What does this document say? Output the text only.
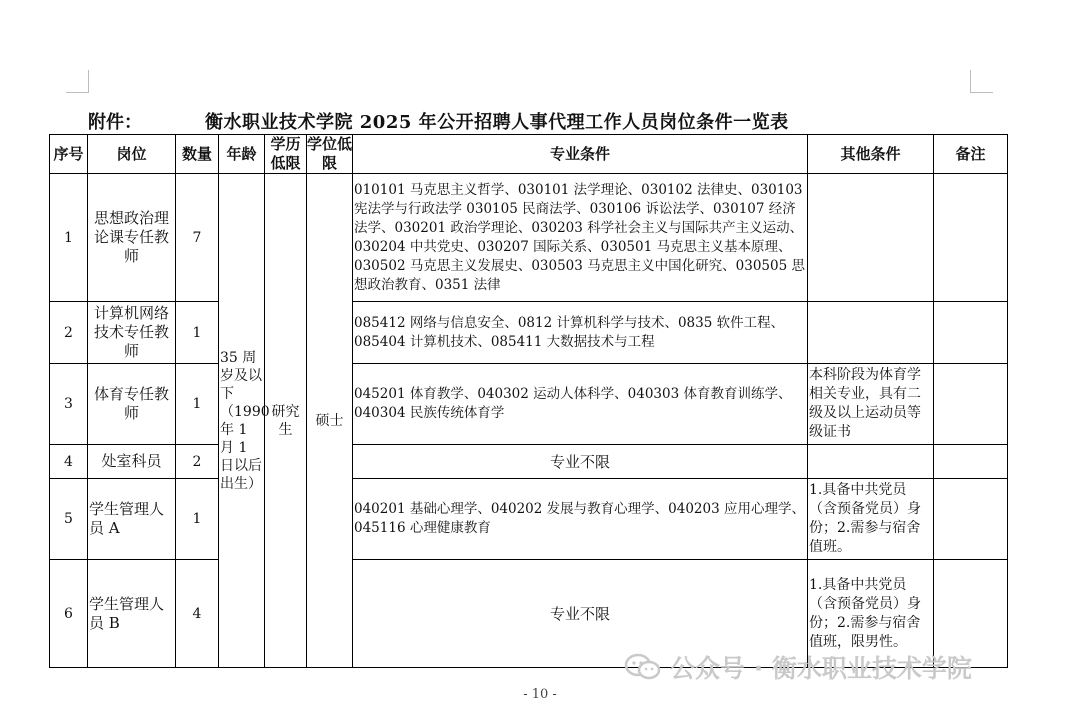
附件：	衡水职业技术学院 2025 年公开招聘人事代理工作人员岗位条件一览表
序号	岗位	数量	年龄	学历低限	学位低限	专业条件	其他条件	备注
1	思想政治理论课专任教师	7	35 周岁及以下（1990 年 1 月 1 日以后出生）	研究生	硕士	010101 马克思主义哲学、030101 法学理论、030102 法律史、030103 宪法学与行政法学 030105 民商法学、030106 诉讼法学、030107 经济法学、030201 政治学理论、030203 科学社会主义与国际共产主义运动、030204 中共党史、030207 国际关系、030501 马克思主义基本原理、030502 马克思主义发展史、030503 马克思主义中国化研究、030505 思想政治教育、0351 法律		
2	计算机网络技术专任教师	1				085412 网络与信息安全、0812 计算机科学与技术、0835 软件工程、085404 计算机技术、085411 大数据技术与工程		
3	体育专任教师	1				045201 体育教学、040302 运动人体科学、040303 体育教育训练学、040304 民族传统体育学	本科阶段为体育学相关专业，具有二级及以上运动员等级证书	
4	处室科员	2				专业不限		
5	学生管理人员 A	1				040201 基础心理学、040202 发展与教育心理学、040203 应用心理学、045116 心理健康教育	1.具备中共党员（含预备党员）身份；2.需参与宿舍值班。	
6	学生管理人员 B	4				专业不限	1.具备中共党员（含预备党员）身份；2.需参与宿舍值班，限男性。	
公众号 · 衡水职业技术学院
- 10 -
